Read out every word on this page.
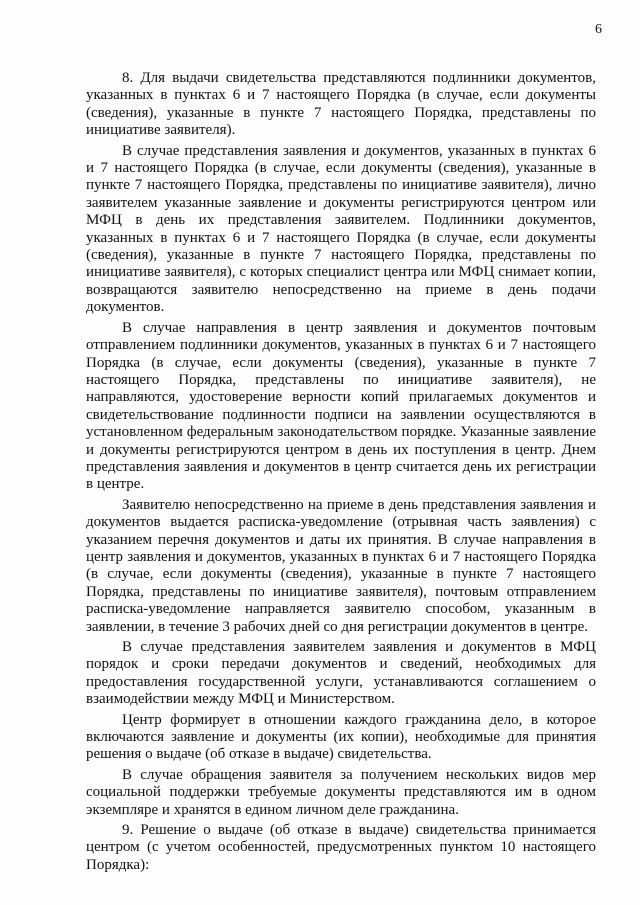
6

8. Для выдачи свидетельства представляются подлинники документов, указанных в пунктах 6 и 7 настоящего Порядка (в случае, если документы (сведения), указанные в пункте 7 настоящего Порядка, представлены по инициативе заявителя).

В случае представления заявления и документов, указанных в пунктах 6 и 7 настоящего Порядка (в случае, если документы (сведения), указанные в пункте 7 настоящего Порядка, представлены по инициативе заявителя), лично заявителем указанные заявление и документы регистрируются центром или МФЦ в день их представления заявителем. Подлинники документов, указанных в пунктах 6 и 7 настоящего Порядка (в случае, если документы (сведения), указанные в пункте 7 настоящего Порядка, представлены по инициативе заявителя), с которых специалист центра или МФЦ снимает копии, возвращаются заявителю непосредственно на приеме в день подачи документов.

В случае направления в центр заявления и документов почтовым отправлением подлинники документов, указанных в пунктах 6 и 7 настоящего Порядка (в случае, если документы (сведения), указанные в пункте 7 настоящего Порядка, представлены по инициативе заявителя), не направляются, удостоверение верности копий прилагаемых документов и свидетельствование подлинности подписи на заявлении осуществляются в установленном федеральным законодательством порядке. Указанные заявление и документы регистрируются центром в день их поступления в центр. Днем представления заявления и документов в центр считается день их регистрации в центре.

Заявителю непосредственно на приеме в день представления заявления и документов выдается расписка-уведомление (отрывная часть заявления) с указанием перечня документов и даты их принятия. В случае направления в центр заявления и документов, указанных в пунктах 6 и 7 настоящего Порядка (в случае, если документы (сведения), указанные в пункте 7 настоящего Порядка, представлены по инициативе заявителя), почтовым отправлением расписка-уведомление направляется заявителю способом, указанным в заявлении, в течение 3 рабочих дней со дня регистрации документов в центре.

В случае представления заявителем заявления и документов в МФЦ порядок и сроки передачи документов и сведений, необходимых для предоставления государственной услуги, устанавливаются соглашением о взаимодействии между МФЦ и Министерством.

Центр формирует в отношении каждого гражданина дело, в которое включаются заявление и документы (их копии), необходимые для принятия решения о выдаче (об отказе в выдаче) свидетельства.

В случае обращения заявителя за получением нескольких видов мер социальной поддержки требуемые документы представляются им в одном экземпляре и хранятся в едином личном деле гражданина.

9. Решение о выдаче (об отказе в выдаче) свидетельства принимается центром (с учетом особенностей, предусмотренных пунктом 10 настоящего Порядка):
